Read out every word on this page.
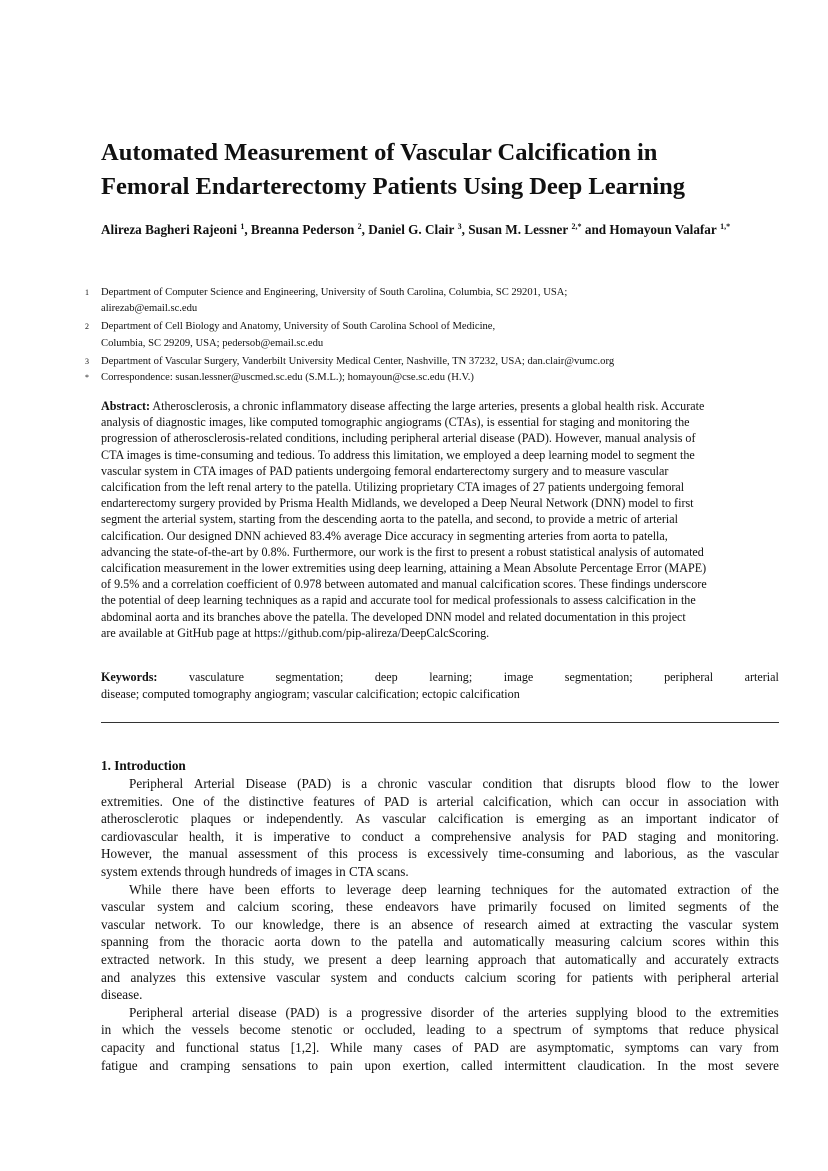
Automated Measurement of Vascular Calcification in
Femoral Endarterectomy Patients Using Deep Learning
Alireza Bagheri Rajeoni $^1$, Breanna Pederson $^2$, Daniel G. Clair $^3$, Susan M. Lessner $^{2,*}$ and Homayoun Valafar $^{1,*}$
1	Department of Computer Science and Engineering, University of South Carolina, Columbia, SC 29201, USA;
alirezab@email.sc.edu
2	Department of Cell Biology and Anatomy, University of South Carolina School of Medicine,
Columbia, SC 29209, USA; pedersob@email.sc.edu
3	Department of Vascular Surgery, Vanderbilt University Medical Center, Nashville, TN 37232, USA; dan.clair@vumc.org
*	Correspondence: susan.lessner@uscmed.sc.edu (S.M.L.); homayoun@cse.sc.edu (H.V.)
Abstract: Atherosclerosis, a chronic inflammatory disease affecting the large arteries, presents a global health risk. Accurate
analysis of diagnostic images, like computed tomographic angiograms (CTAs), is essential for staging and monitoring the
progression of atherosclerosis-related conditions, including peripheral arterial disease (PAD). However, manual analysis of
CTA images is time-consuming and tedious. To address this limitation, we employed a deep learning model to segment the
vascular system in CTA images of PAD patients undergoing femoral endarterectomy surgery and to measure vascular
calcification from the left renal artery to the patella. Utilizing proprietary CTA images of 27 patients undergoing femoral
endarterectomy surgery provided by Prisma Health Midlands, we developed a Deep Neural Network (DNN) model to first
segment the arterial system, starting from the descending aorta to the patella, and second, to provide a metric of arterial
calcification. Our designed DNN achieved 83.4% average Dice accuracy in segmenting arteries from aorta to patella,
advancing the state-of-the-art by 0.8%. Furthermore, our work is the first to present a robust statistical analysis of automated
calcification measurement in the lower extremities using deep learning, attaining a Mean Absolute Percentage Error (MAPE)
of 9.5% and a correlation coefficient of 0.978 between automated and manual calcification scores. These findings underscore
the potential of deep learning techniques as a rapid and accurate tool for medical professionals to assess calcification in the
abdominal aorta and its branches above the patella. The developed DNN model and related documentation in this project
are available at GitHub page at https://github.com/pip-alireza/DeepCalcScoring.
Keywords:	vasculature	segmentation;	deep	learning;	image	segmentation;	peripheral	arterial
disease; computed tomography angiogram; vascular calcification; ectopic calcification
1. Introduction
Peripheral Arterial Disease (PAD) is a chronic vascular condition that disrupts blood flow to the lower
extremities. One of the distinctive features of PAD is arterial calcification, which can occur in association with
atherosclerotic plaques or independently. As vascular calcification is emerging as an important indicator of
cardiovascular health, it is imperative to conduct a comprehensive analysis for PAD staging and monitoring.
However, the manual assessment of this process is excessively time-consuming and laborious, as the vascular
system extends through hundreds of images in CTA scans.
While there have been efforts to leverage deep learning techniques for the automated extraction of the
vascular system and calcium scoring, these endeavors have primarily focused on limited segments of the
vascular network. To our knowledge, there is an absence of research aimed at extracting the vascular system
spanning from the thoracic aorta down to the patella and automatically measuring calcium scores within this
extracted network. In this study, we present a deep learning approach that automatically and accurately extracts
and analyzes this extensive vascular system and conducts calcium scoring for patients with peripheral arterial
disease.
Peripheral arterial disease (PAD) is a progressive disorder of the arteries supplying blood to the extremities
in which the vessels become stenotic or occluded, leading to a spectrum of symptoms that reduce physical
capacity and functional status [1,2]. While many cases of PAD are asymptomatic, symptoms can vary from
fatigue and cramping sensations to pain upon exertion, called intermittent claudication. In the most severe
